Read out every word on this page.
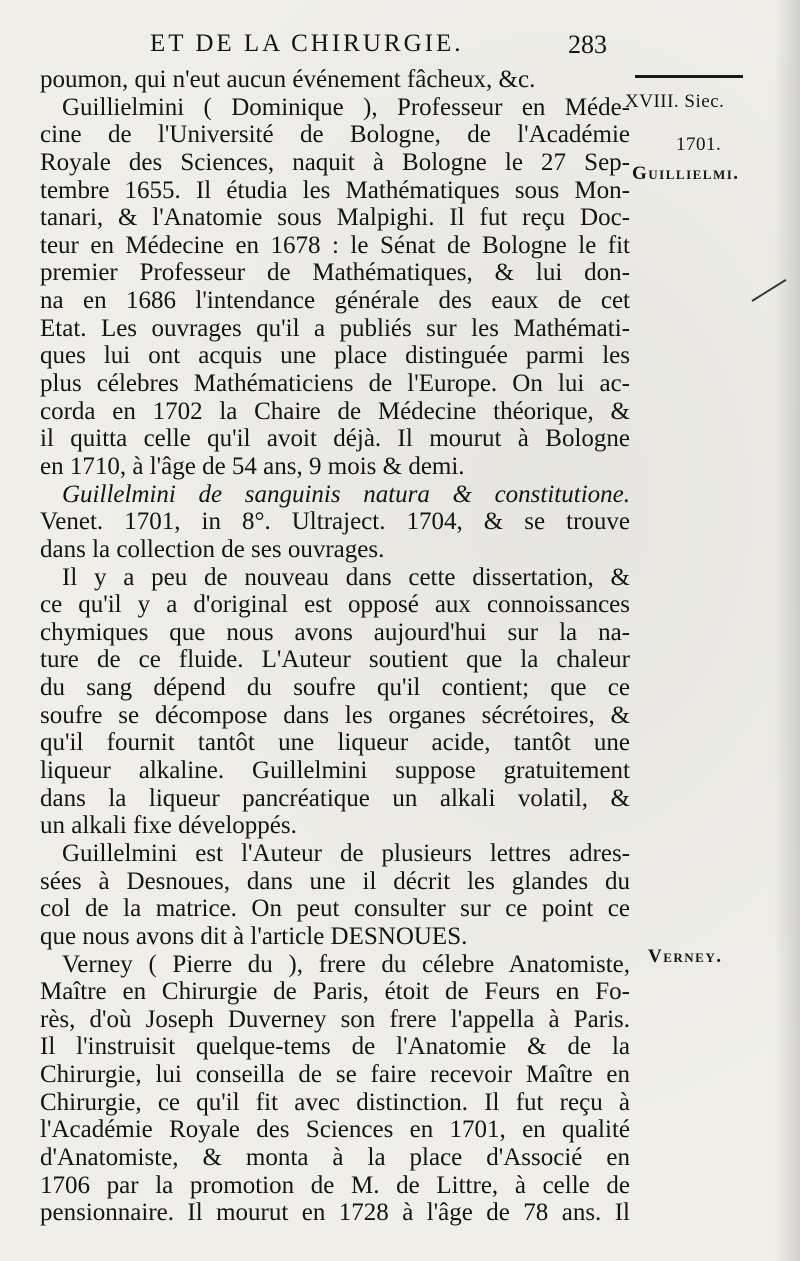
ET DE LA CHIRURGIE.	283
XVIII. Siec.
1701.
Guillielmi.
Verney.
poumon, qui n'eut aucun événement fâcheux, &c.
Guillielmini ( Dominique ), Professeur en Méde-
cine de l'Université de Bologne, de l'Académie
Royale des Sciences, naquit à Bologne le 27 Sep-
tembre 1655. Il étudia les Mathématiques sous Mon-
tanari, & l'Anatomie sous Malpighi. Il fut reçu Doc-
teur en Médecine en 1678 : le Sénat de Bologne le fit
premier Professeur de Mathématiques, & lui don-
na en 1686 l'intendance générale des eaux de cet
Etat. Les ouvrages qu'il a publiés sur les Mathémati-
ques lui ont acquis une place distinguée parmi les
plus célebres Mathématiciens de l'Europe. On lui ac-
corda en 1702 la Chaire de Médecine théorique, &
il quitta celle qu'il avoit déjà. Il mourut à Bologne
en 1710, à l'âge de 54 ans, 9 mois & demi.
Guillelmini de sanguinis natura & constitutione.
Venet. 1701, in 8°. Ultraject. 1704, & se trouve
dans la collection de ses ouvrages.
Il y a peu de nouveau dans cette dissertation, &
ce qu'il y a d'original est opposé aux connoissances
chymiques que nous avons aujourd'hui sur la na-
ture de ce fluide. L'Auteur soutient que la chaleur
du sang dépend du soufre qu'il contient; que ce
soufre se décompose dans les organes sécrétoires, &
qu'il fournit tantôt une liqueur acide, tantôt une
liqueur alkaline. Guillelmini suppose gratuitement
dans la liqueur pancréatique un alkali volatil, &
un alkali fixe développés.
Guillelmini est l'Auteur de plusieurs lettres adres-
sées à Desnoues, dans une il décrit les glandes du
col de la matrice. On peut consulter sur ce point ce
que nous avons dit à l'article DESNOUES.
Verney ( Pierre du ), frere du célebre Anatomiste,
Maître en Chirurgie de Paris, étoit de Feurs en Fo-
rès, d'où Joseph Duverney son frere l'appella à Paris.
Il l'instruisit quelque-tems de l'Anatomie & de la
Chirurgie, lui conseilla de se faire recevoir Maître en
Chirurgie, ce qu'il fit avec distinction. Il fut reçu à
l'Académie Royale des Sciences en 1701, en qualité
d'Anatomiste, & monta à la place d'Associé en
1706 par la promotion de M. de Littre, à celle de
pensionnaire. Il mourut en 1728 à l'âge de 78 ans. Il
